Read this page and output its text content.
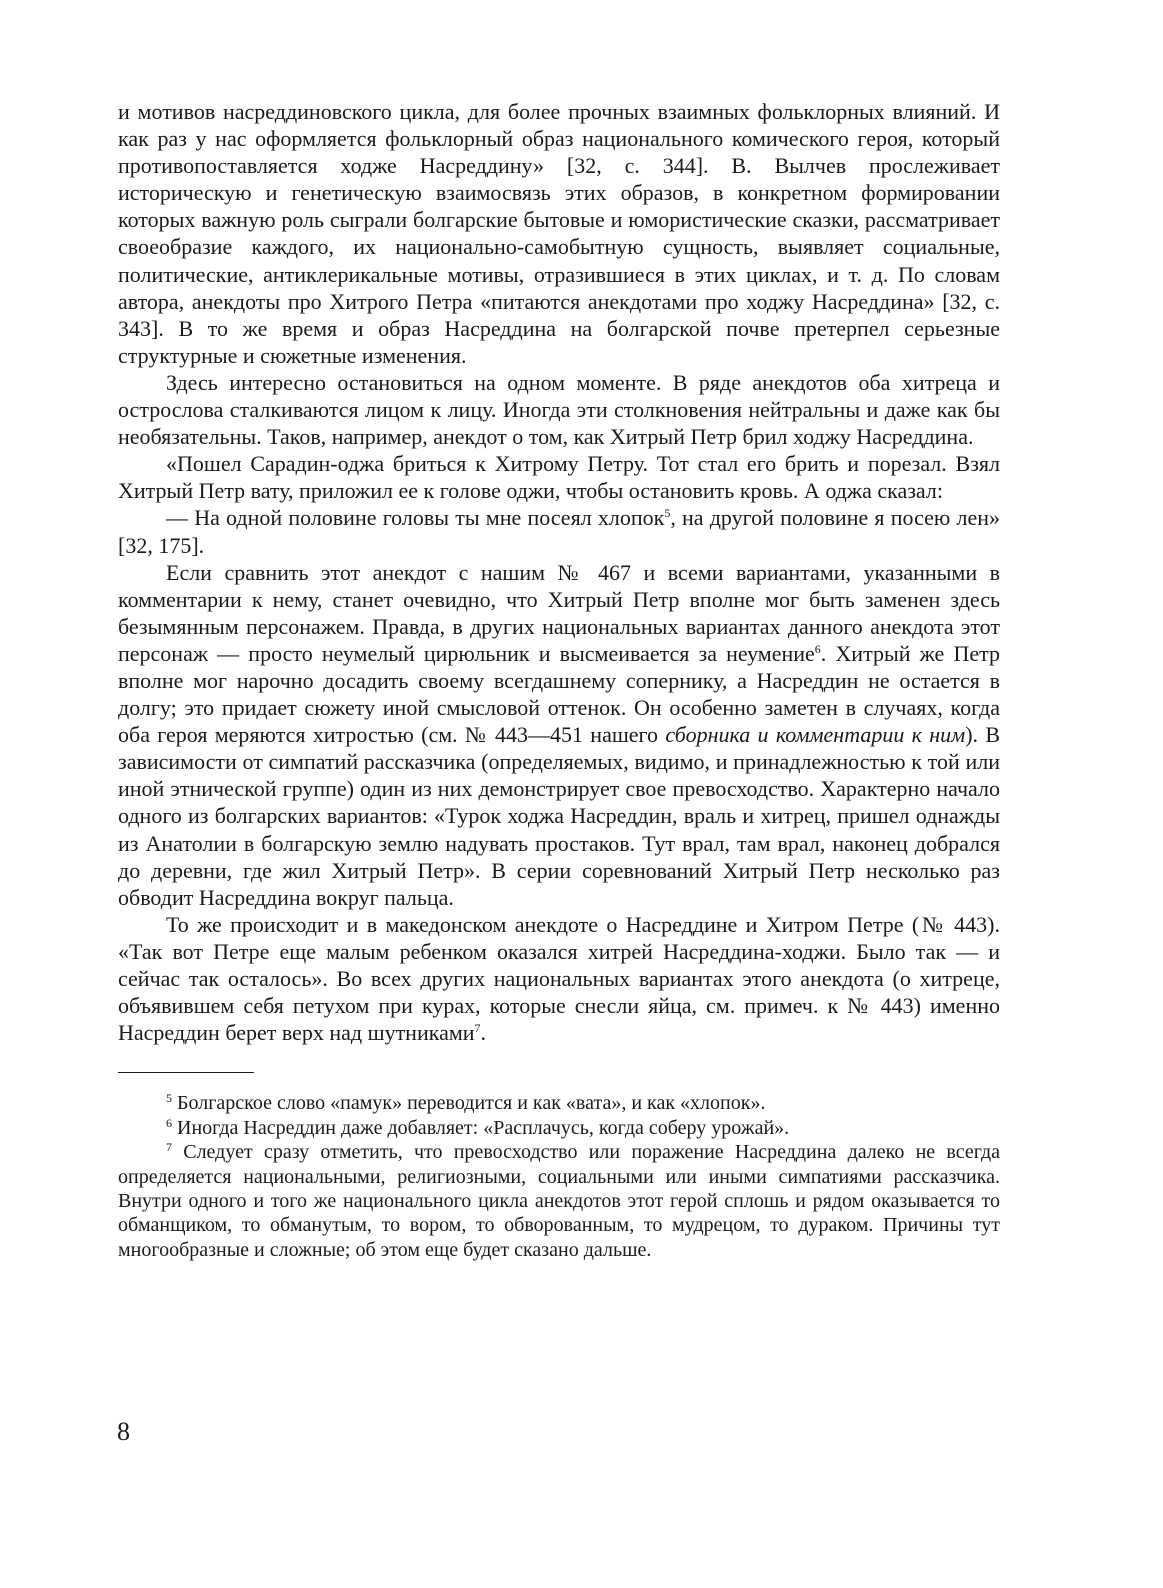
и мотивов насреддиновского цикла, для более прочных взаимных фольклорных влияний. И как раз у нас оформляется фольклорный образ национального комического героя, который противопоставляется ходже Насреддину» [32, с. 344]. В. Вылчев прослеживает историческую и генетическую взаимосвязь этих образов, в конкретном формировании которых важную роль сыграли болгарские бытовые и юмористические сказки, рассматривает своеобразие каждого, их национально-самобытную сущность, выявляет социальные, политические, антиклерикальные мотивы, отразившиеся в этих циклах, и т. д. По словам автора, анекдоты про Хитрого Петра «питаются анекдотами про ходжу Насреддина» [32, с. 343]. В то же время и образ Насреддина на болгарской почве претерпел серьезные структурные и сюжетные изменения.

Здесь интересно остановиться на одном моменте. В ряде анекдотов оба хитреца и острослова сталкиваются лицом к лицу. Иногда эти столкновения нейтральны и даже как бы необязательны. Таков, например, анекдот о том, как Хитрый Петр брил ходжу Насреддина.

«Пошел Сарадин-оджа бриться к Хитрому Петру. Тот стал его брить и порезал. Взял Хитрый Петр вату, приложил ее к голове оджи, чтобы остановить кровь. А оджа сказал:

— На одной половине головы ты мне посеял хлопок$^5$, на другой половине я посею лен» [32, 175].

Если сравнить этот анекдот с нашим № 467 и всеми вариантами, указанными в комментарии к нему, станет очевидно, что Хитрый Петр вполне мог быть заменен здесь безымянным персонажем. Правда, в других национальных вариантах данного анекдота этот персонаж — просто неумелый цирюльник и высмеивается за неумение$^6$. Хитрый же Петр вполне мог нарочно досадить своему всегдашнему сопернику, а Насреддин не остается в долгу; это придает сюжету иной смысловой оттенок. Он особенно заметен в случаях, когда оба героя меряются хитростью (см. № 443—451 нашего сборника и комментарии к ним). В зависимости от симпатий рассказчика (определяемых, видимо, и принадлежностью к той или иной этнической группе) один из них демонстрирует свое превосходство. Характерно начало одного из болгарских вариантов: «Турок ходжа Насреддин, враль и хитрец, пришел однажды из Анатолии в болгарскую землю надувать простаков. Тут врал, там врал, наконец добрался до деревни, где жил Хитрый Петр». В серии соревнований Хитрый Петр несколько раз обводит Насреддина вокруг пальца.

То же происходит и в македонском анекдоте о Насреддине и Хитром Петре (№ 443). «Так вот Петре еще малым ребенком оказался хитрей Насреддина-ходжи. Было так — и сейчас так осталось». Во всех других национальных вариантах этого анекдота (о хитреце, объявившем себя петухом при курах, которые снесли яйца, см. примеч. к № 443) именно Насреддин берет верх над шутниками$^7$.

$^5$ Болгарское слово «памук» переводится и как «вата», и как «хлопок».

$^6$ Иногда Насреддин даже добавляет: «Расплачусь, когда соберу урожай».

$^7$ Следует сразу отметить, что превосходство или поражение Насреддина далеко не всегда определяется национальными, религиозными, социальными или иными симпатиями рассказчика. Внутри одного и того же национального цикла анекдотов этот герой сплошь и рядом оказывается то обманщиком, то обманутым, то вором, то обворованным, то мудрецом, то дураком. Причины тут многообразные и сложные; об этом еще будет сказано дальше.

8
